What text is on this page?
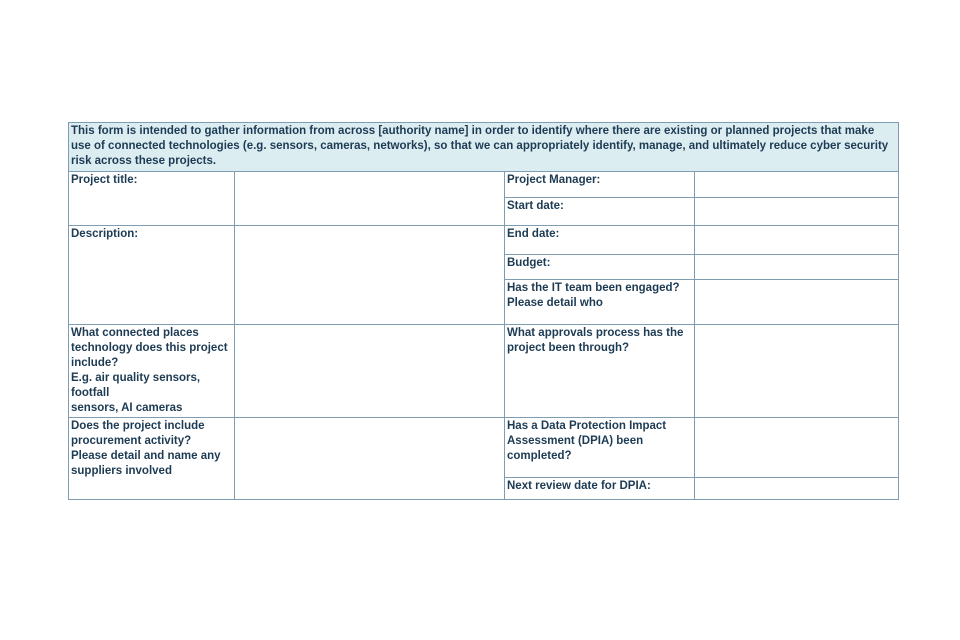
This form is intended to gather information from across [authority name] in order to identify where there are existing or planned projects that make use of connected technologies (e.g. sensors, cameras, networks), so that we can appropriately identify, manage, and ultimately reduce cyber security risk across these projects.			
Project title:		Project Manager:	
		Start date:	
Description:		End date:	
		Budget:	
		Has the IT team been engaged?
Please detail who	
What connected places
technology does this project
include?
E.g. air quality sensors, footfall
sensors, AI cameras		What approvals process has the
project been through?	
Does the project include
procurement activity?
Please detail and name any
suppliers involved		Has a Data Protection Impact
Assessment (DPIA) been
completed?	
		Next review date for DPIA:	
